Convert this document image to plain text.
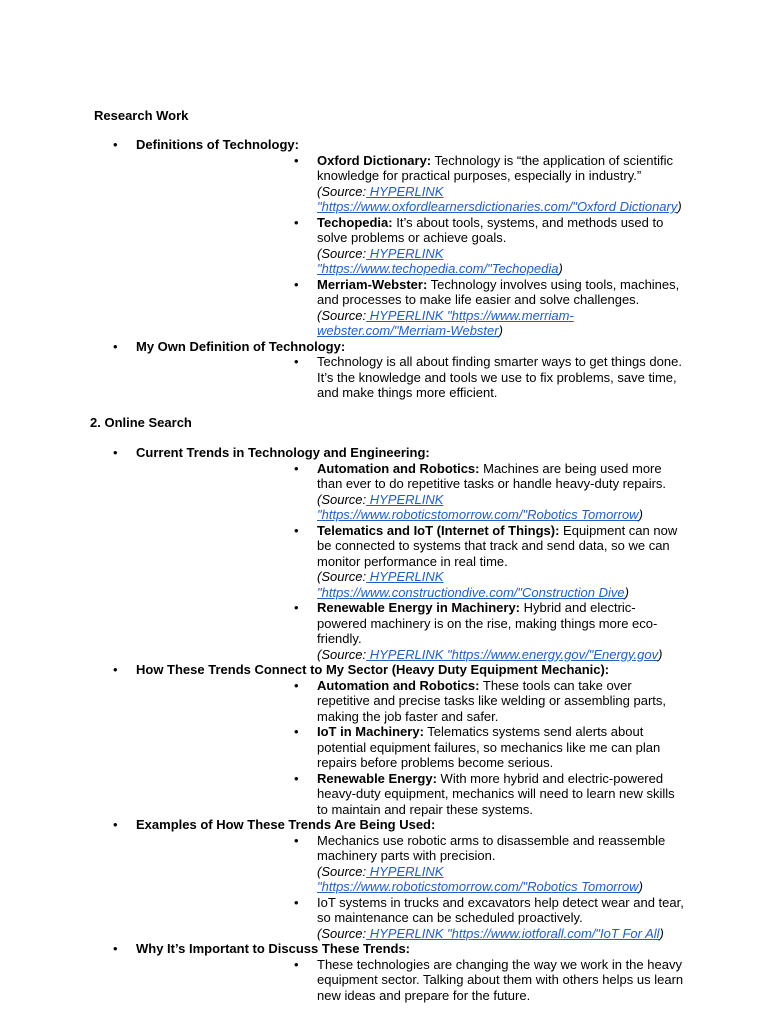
Research Work
• Definitions of Technology:
• Oxford Dictionary: Technology is “the application of scientific knowledge for practical purposes, especially in industry.”
(Source: HYPERLINK "https://www.oxfordlearnersdictionaries.com/"Oxford Dictionary)
• Techopedia: It’s about tools, systems, and methods used to solve problems or achieve goals.
(Source: HYPERLINK "https://www.techopedia.com/"Techopedia)
• Merriam-Webster: Technology involves using tools, machines, and processes to make life easier and solve challenges.
(Source: HYPERLINK "https://www.merriam-webster.com/"Merriam-Webster)
• My Own Definition of Technology:
• Technology is all about finding smarter ways to get things done. It’s the knowledge and tools we use to fix problems, save time, and make things more efficient.
2. Online Search
• Current Trends in Technology and Engineering:
• Automation and Robotics: Machines are being used more than ever to do repetitive tasks or handle heavy-duty repairs.
(Source: HYPERLINK "https://www.roboticstomorrow.com/"Robotics Tomorrow)
• Telematics and IoT (Internet of Things): Equipment can now be connected to systems that track and send data, so we can monitor performance in real time.
(Source: HYPERLINK "https://www.constructiondive.com/"Construction Dive)
• Renewable Energy in Machinery: Hybrid and electric-powered machinery is on the rise, making things more eco-friendly.
(Source: HYPERLINK "https://www.energy.gov/"Energy.gov)
• How These Trends Connect to My Sector (Heavy Duty Equipment Mechanic):
• Automation and Robotics: These tools can take over repetitive and precise tasks like welding or assembling parts, making the job faster and safer.
• IoT in Machinery: Telematics systems send alerts about potential equipment failures, so mechanics like me can plan repairs before problems become serious.
• Renewable Energy: With more hybrid and electric-powered heavy-duty equipment, mechanics will need to learn new skills to maintain and repair these systems.
• Examples of How These Trends Are Being Used:
• Mechanics use robotic arms to disassemble and reassemble machinery parts with precision.
(Source: HYPERLINK "https://www.roboticstomorrow.com/"Robotics Tomorrow)
• IoT systems in trucks and excavators help detect wear and tear, so maintenance can be scheduled proactively.
(Source: HYPERLINK "https://www.iotforall.com/"IoT For All)
• Why It’s Important to Discuss These Trends:
• These technologies are changing the way we work in the heavy equipment sector. Talking about them with others helps us learn new ideas and prepare for the future.
